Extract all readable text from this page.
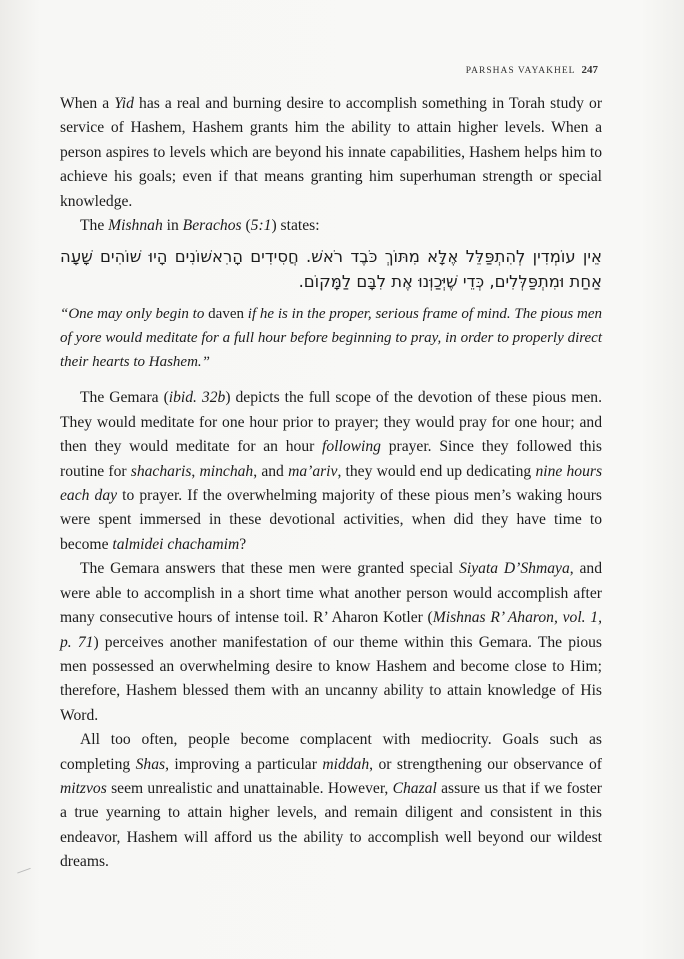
PARSHAS VAYAKHEL 247

When a Yid has a real and burning desire to accomplish something in Torah study or service of Hashem, Hashem grants him the ability to attain higher levels. When a person aspires to levels which are beyond his innate capabilities, Hashem helps him to achieve his goals; even if that means granting him superhuman strength or special knowledge.

The Mishnah in Berachos (5:1) states:

אֵין עוֹמְדִין לְהִתְפַּלֵּל אֶלָּא מִתּוֹךְ כֹּבֶד רֹאשׁ. חֲסִידִים הָרִאשׁוֹנִים הָיוּ שׁוֹהִים שָׁעָה אַחַת וּמִתְפַּלְּלִים, כְּדֵי שֶׁיְּכַוְּנוּ אֶת לִבָּם לַמָּקוֹם.

“One may only begin to daven if he is in the proper, serious frame of mind. The pious men of yore would meditate for a full hour before beginning to pray, in order to properly direct their hearts to Hashem.”

The Gemara (ibid. 32b) depicts the full scope of the devotion of these pious men. They would meditate for one hour prior to prayer; they would pray for one hour; and then they would meditate for an hour following prayer. Since they followed this routine for shacharis, minchah, and ma’ariv, they would end up dedicating nine hours each day to prayer. If the overwhelming majority of these pious men’s waking hours were spent immersed in these devotional activities, when did they have time to become talmidei chachamim?

The Gemara answers that these men were granted special Siyata D’Shmaya, and were able to accomplish in a short time what another person would accomplish after many consecutive hours of intense toil. R’ Aharon Kotler (Mishnas R’ Aharon, vol. 1, p. 71) perceives another manifestation of our theme within this Gemara. The pious men possessed an overwhelming desire to know Hashem and become close to Him; therefore, Hashem blessed them with an uncanny ability to attain knowledge of His Word.

All too often, people become complacent with mediocrity. Goals such as completing Shas, improving a particular middah, or strengthening our observance of mitzvos seem unrealistic and unattainable. However, Chazal assure us that if we foster a true yearning to attain higher levels, and remain diligent and consistent in this endeavor, Hashem will afford us the ability to accomplish well beyond our wildest dreams.
